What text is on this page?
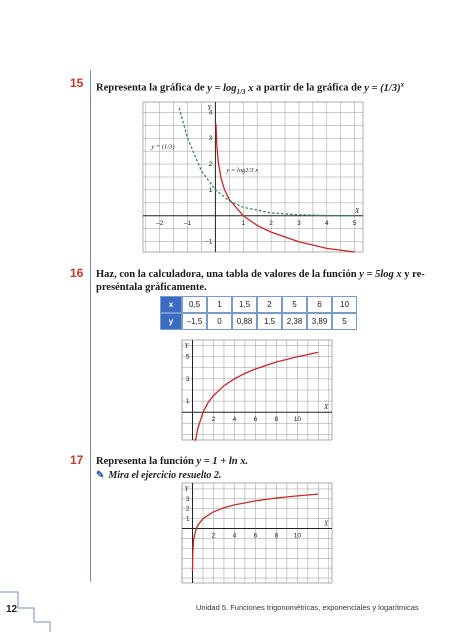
15 Representa la gráfica de $y = \log_{1/3} x$ a partir de la gráfica de $y = (1/3)^x$
X
Y
–2	–1	1	2	3	4	5
–1
1
2
3
4
y = log1/3 x
y = (1/3)
16 Haz, con la calculadora, una tabla de valores de la función y = 5log x y re-
preséntala gráficamente.
x	0,5	1	1,5	2	5	6	10
y	–1,5	0	0,88	1,5	2,38	3,89	5
X
Y
2	4	6	8 10
1
3
5
17 Representa la función y = 1 + ln x.
✎ Mira el ejercicio resuelto 2.
X
Y
2	4	6	8 10
1
2
3
12	Unidad 5. Funciones trigonométricas, exponenciales y logarítmicas
